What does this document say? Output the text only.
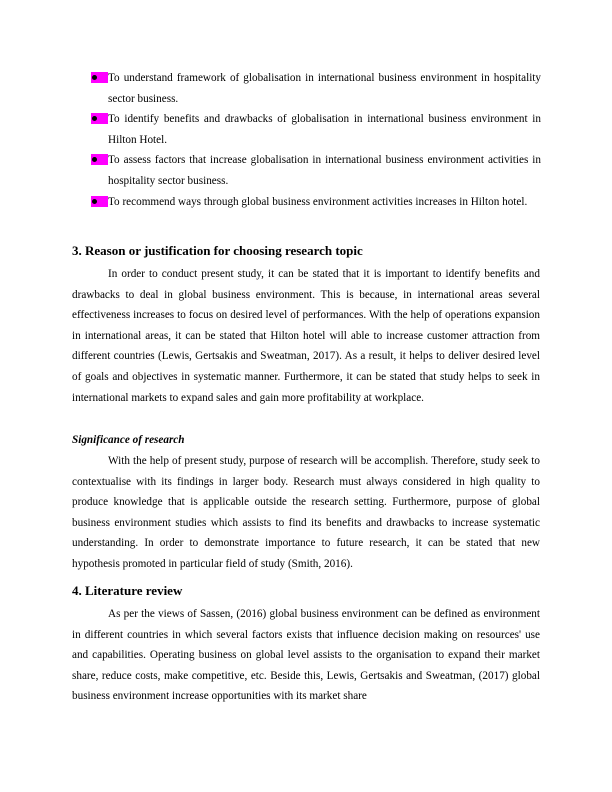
To understand framework of globalisation in international business environment in hospitality sector business.
To identify benefits and drawbacks of globalisation in international business environment in Hilton Hotel.
To assess factors that increase globalisation in international business environment activities in hospitality sector business.
To recommend ways through global business environment activities increases in Hilton hotel.
3. Reason or justification for choosing research topic

In order to conduct present study, it can be stated that it is important to identify benefits and drawbacks to deal in global business environment. This is because, in international areas several effectiveness increases to focus on desired level of performances. With the help of operations expansion in international areas, it can be stated that Hilton hotel will able to increase customer attraction from different countries (Lewis, Gertsakis and Sweatman, 2017). As a result, it helps to deliver desired level of goals and objectives in systematic manner. Furthermore, it can be stated that study helps to seek in international markets to expand sales and gain more profitability at workplace.

Significance of research

With the help of present study, purpose of research will be accomplish. Therefore, study seek to contextualise with its findings in larger body. Research must always considered in high quality to produce knowledge that is applicable outside the research setting. Furthermore, purpose of global business environment studies which assists to find its benefits and drawbacks to increase systematic understanding. In order to demonstrate importance to future research, it can be stated that new hypothesis promoted in particular field of study (Smith, 2016).

4. Literature review

As per the views of Sassen, (2016) global business environment can be defined as environment in different countries in which several factors exists that influence decision making on resources' use and capabilities. Operating business on global level assists to the organisation to expand their market share, reduce costs, make competitive, etc. Beside this, Lewis, Gertsakis and Sweatman, (2017) global business environment increase opportunities with its market share
